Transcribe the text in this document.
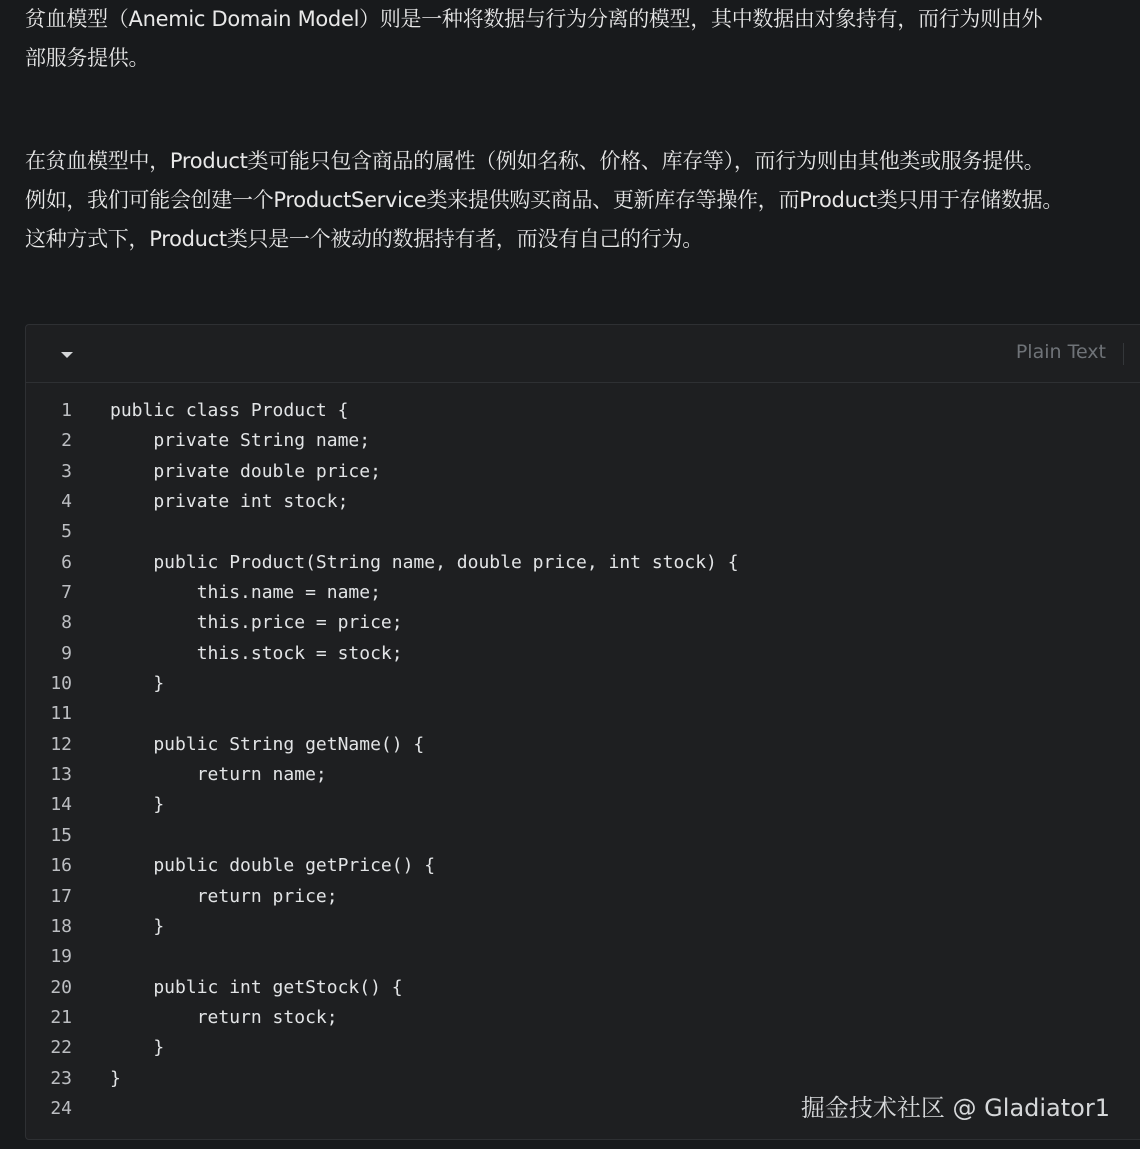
贫血模型（Anemic Domain Model）则是一种将数据与行为分离的模型，其中数据由对象持有，而行为则由外
部服务提供。

在贫血模型中，Product类可能只包含商品的属性（例如名称、价格、库存等），而行为则由其他类或服务提供。
例如，我们可能会创建一个ProductService类来提供购买商品、更新库存等操作，而Product类只用于存储数据。
这种方式下，Product类只是一个被动的数据持有者，而没有自己的行为。

Plain Text
1 public class Product {
2 private String name;
3 private double price;
4 private int stock;
5
6 public Product(String name, double price, int stock) {
7 this.name = name;
8 this.price = price;
9 this.stock = stock;
10 }
11
12 public String getName() {
13 return name;
14 }
15
16 public double getPrice() {
17 return price;
18 }
19
20 public int getStock() {
21 return stock;
22 }
23 }
24	掘金技术社区 @ Gladiator1
